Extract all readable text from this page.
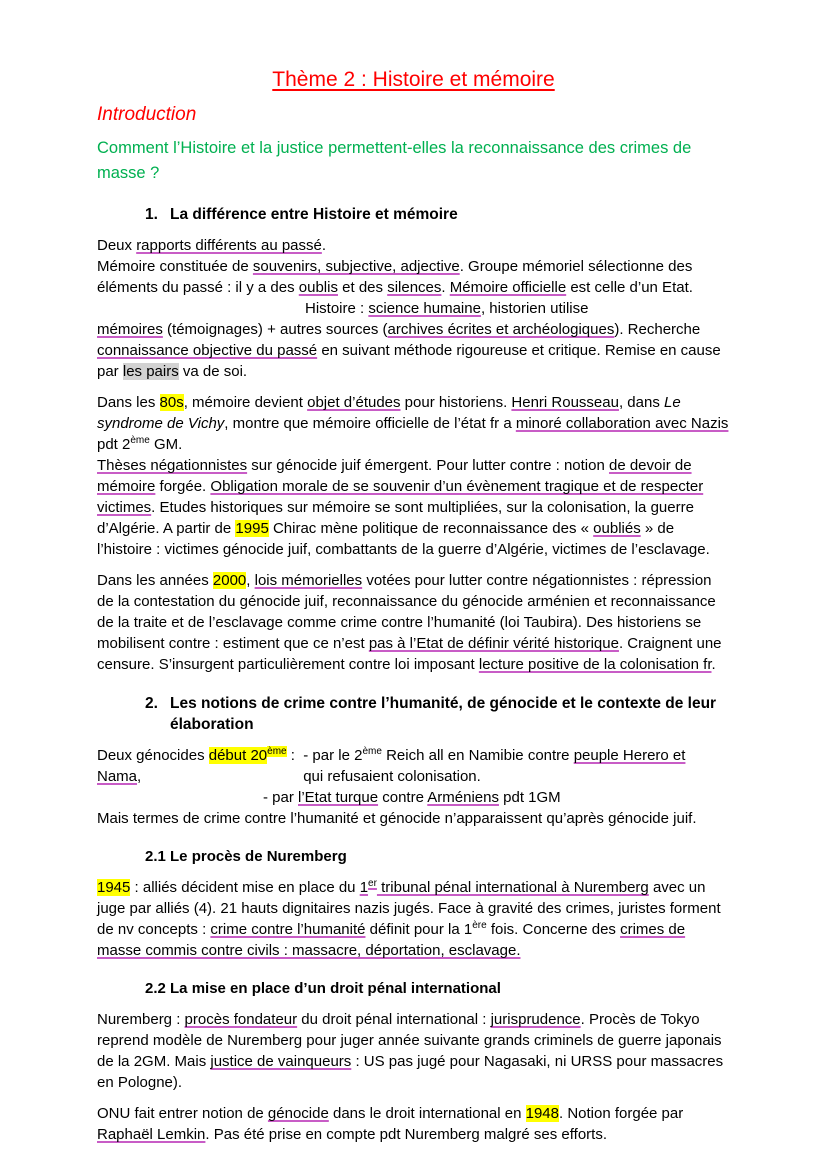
Thème 2 : Histoire et mémoire
Introduction
Comment l’Histoire et la justice permettent-elles la reconnaissance des crimes de masse ?
1. La différence entre Histoire et mémoire

Deux rapports différents au passé.
Mémoire constituée de souvenirs, subjective, adjective. Groupe mémoriel sélectionne des éléments du passé : il y a des oublis et des silences. Mémoire officielle est celle d’un Etat.
Histoire : science humaine, historien utilise
mémoires (témoignages) + autres sources (archives écrites et archéologiques). Recherche connaissance objective du passé en suivant méthode rigoureuse et critique. Remise en cause par les pairs va de soi.

Dans les 80s, mémoire devient objet d’études pour historiens. Henri Rousseau, dans Le syndrome de Vichy, montre que mémoire officielle de l’état fr a minoré collaboration avec Nazis pdt 2ème GM.
Thèses négationnistes sur génocide juif émergent. Pour lutter contre : notion de devoir de mémoire forgée. Obligation morale de se souvenir d’un évènement tragique et de respecter victimes. Etudes historiques sur mémoire se sont multipliées, sur la colonisation, la guerre d’Algérie. A partir de 1995 Chirac mène politique de reconnaissance des « oubliés » de l’histoire : victimes génocide juif, combattants de la guerre d’Algérie, victimes de l’esclavage.

Dans les années 2000, lois mémorielles votées pour lutter contre négationnistes : répression de la contestation du génocide juif, reconnaissance du génocide arménien et reconnaissance de la traite et de l’esclavage comme crime contre l’humanité (loi Taubira). Des historiens se mobilisent contre : estiment que ce n’est pas à l’Etat de définir vérité historique. Craignent une censure. S’insurgent particulièrement contre loi imposant lecture positive de la colonisation fr.

2. Les notions de crime contre l’humanité, de génocide et le contexte de leur élaboration

Deux génocides début 20ème :  - par le 2ème Reich all en Namibie contre peuple Herero et
Nama,	qui refusaient colonisation.
- par l’Etat turque contre Arméniens pdt 1GM
Mais termes de crime contre l’humanité et génocide n’apparaissent qu’après génocide juif.

2.1 Le procès de Nuremberg

1945 : alliés décident mise en place du 1er tribunal pénal international à Nuremberg avec un juge par alliés (4). 21 hauts dignitaires nazis jugés. Face à gravité des crimes, juristes forment de nv concepts : crime contre l’humanité définit pour la 1ère fois. Concerne des crimes de masse commis contre civils : massacre, déportation, esclavage.

2.2 La mise en place d’un droit pénal international

Nuremberg : procès fondateur du droit pénal international : jurisprudence. Procès de Tokyo reprend modèle de Nuremberg pour juger année suivante grands criminels de guerre japonais de la 2GM. Mais justice de vainqueurs : US pas jugé pour Nagasaki, ni URSS pour massacres en Pologne).

ONU fait entrer notion de génocide dans le droit international en 1948. Notion forgée par Raphaël Lemkin. Pas été prise en compte pdt Nuremberg malgré ses efforts.
